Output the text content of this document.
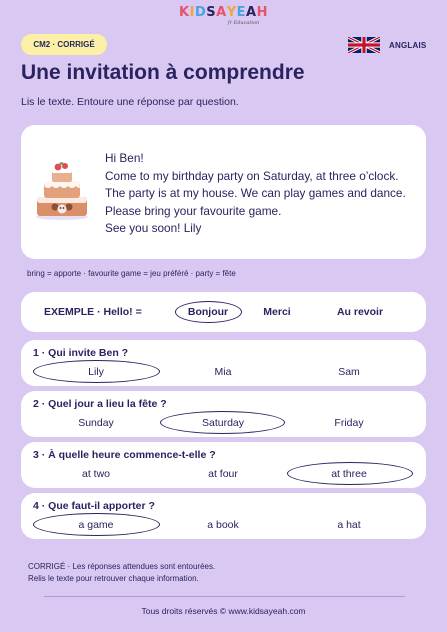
KIDSAYEAH
fr Education
CM2 · CORRIGÉ	ANGLAIS
Une invitation à comprendre
Lis le texte. Entoure une réponse par question.
Hi Ben!
Come to my birthday party on Saturday, at three o’clock. The party is at my house. We can play games and dance. Please bring your favourite game.
See you soon! Lily
bring = apporte · favourite game = jeu préféré · party = fête
EXEMPLE · Hello! =	Bonjour	Merci	Au revoir
1 · Qui invite Ben ?
Lily	Mia	Sam
2 · Quel jour a lieu la fête ?
Sunday	Saturday	Friday
3 · À quelle heure commence-t-elle ?
at two	at four	at three
4 · Que faut-il apporter ?
a game	a book	a hat
CORRIGÉ · Les réponses attendues sont entourées.
Relis le texte pour retrouver chaque information.
Tous droits réservés © www.kidsayeah.com
